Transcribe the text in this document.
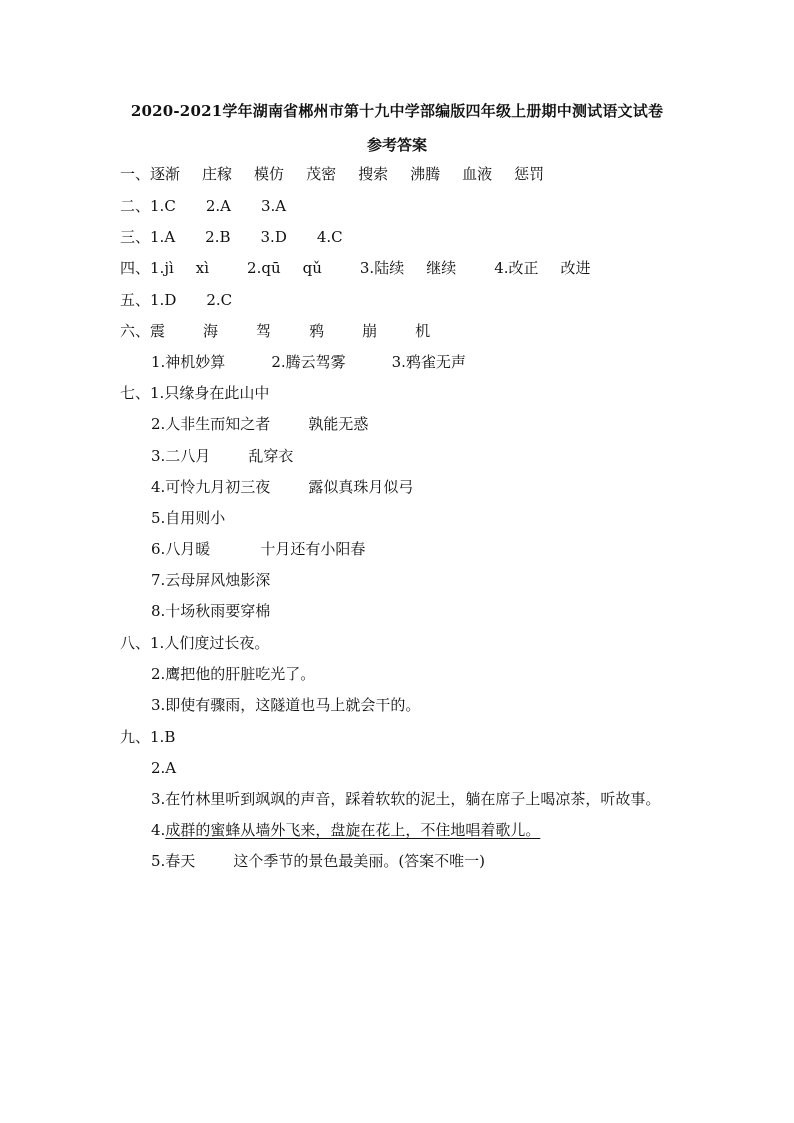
2020-2021学年湖南省郴州市第十九中学部编版四年级上册期中测试语文试卷
参考答案
一、逐渐 庄稼 模仿 茂密 搜索 沸腾 血液 惩罚
二、1.C 2.A 3.A
三、1.A 2.B 3.D 4.C
四、1.jì xì	2.qū qǔ	3.陆续 继续	4.改正 改进
五、1.D 2.C
六、震	海	驾	鸦	崩	机
1.神机妙算	2.腾云驾雾	3.鸦雀无声
七、1.只缘身在此山中
2.人非生而知之者	孰能无惑
3.二八月	乱穿衣
4.可怜九月初三夜	露似真珠月似弓
5.自用则小
6.八月暖	十月还有小阳春
7.云母屏风烛影深
8.十场秋雨要穿棉
八、1.人们度过长夜。
2.鹰把他的肝脏吃光了。
3.即使有骤雨，这隧道也马上就会干的。
九、1.B
2.A
3.在竹林里听到飒飒的声音，踩着软软的泥土，躺在席子上喝凉茶，听故事。
4.成群的蜜蜂从墙外飞来，盘旋在花上，不住地唱着歌儿。
5.春天	这个季节的景色最美丽。(答案不唯一)
